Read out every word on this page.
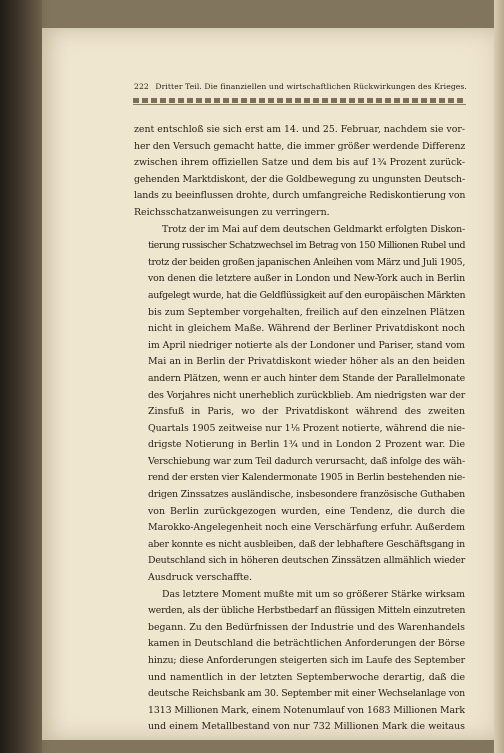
222 Dritter Teil. Die finanziellen und wirtschaftlichen Rückwirkungen des Krieges.

zent entschloß sie sich erst am 14. und 25. Februar, nachdem sie vor-
her den Versuch gemacht hatte, die immer größer werdende Differenz
zwischen ihrem offiziellen Satze und dem bis auf 1¾ Prozent zurück-
gehenden Marktdiskont, der die Goldbewegung zu ungunsten Deutsch-
lands zu beeinflussen drohte, durch umfangreiche Rediskontierung von
Reichsschatzanweisungen zu verringern.

Trotz der im Mai auf dem deutschen Geldmarkt erfolgten Diskon-
tierung russischer Schatzwechsel im Betrag von 150 Millionen Rubel und
trotz der beiden großen japanischen Anleihen vom März und Juli 1905,
von denen die letztere außer in London und New-York auch in Berlin
aufgelegt wurde, hat die Geldflüssigkeit auf den europäischen Märkten
bis zum September vorgehalten, freilich auf den einzelnen Plätzen
nicht in gleichem Maße. Während der Berliner Privatdiskont noch
im April niedriger notierte als der Londoner und Pariser, stand vom
Mai an in Berlin der Privatdiskont wieder höher als an den beiden
andern Plätzen, wenn er auch hinter dem Stande der Parallelmonate
des Vorjahres nicht unerheblich zurückblieb. Am niedrigsten war der
Zinsfuß in Paris, wo der Privatdiskont während des zweiten
Quartals 1905 zeitweise nur 1⅛ Prozent notierte, während die nie-
drigste Notierung in Berlin 1¾ und in London 2 Prozent war. Die
Verschiebung war zum Teil dadurch verursacht, daß infolge des wäh-
rend der ersten vier Kalendermonate 1905 in Berlin bestehenden nie-
drigen Zinssatzes ausländische, insbesondere französische Guthaben
von Berlin zurückgezogen wurden, eine Tendenz, die durch die
Marokko-Angelegenheit noch eine Verschärfung erfuhr. Außerdem
aber konnte es nicht ausbleiben, daß der lebhaftere Geschäftsgang in
Deutschland sich in höheren deutschen Zinssätzen allmählich wieder
Ausdruck verschaffte.

Das letztere Moment mußte mit um so größerer Stärke wirksam
werden, als der übliche Herbstbedarf an flüssigen Mitteln einzutreten
begann. Zu den Bedürfnissen der Industrie und des Warenhandels
kamen in Deutschland die beträchtlichen Anforderungen der Börse
hinzu; diese Anforderungen steigerten sich im Laufe des September
und namentlich in der letzten Septemberwoche derartig, daß die
deutsche Reichsbank am 30. September mit einer Wechselanlage von
1313 Millionen Mark, einem Notenumlauf von 1683 Millionen Mark
und einem Metallbestand von nur 732 Millionen Mark die weitaus
